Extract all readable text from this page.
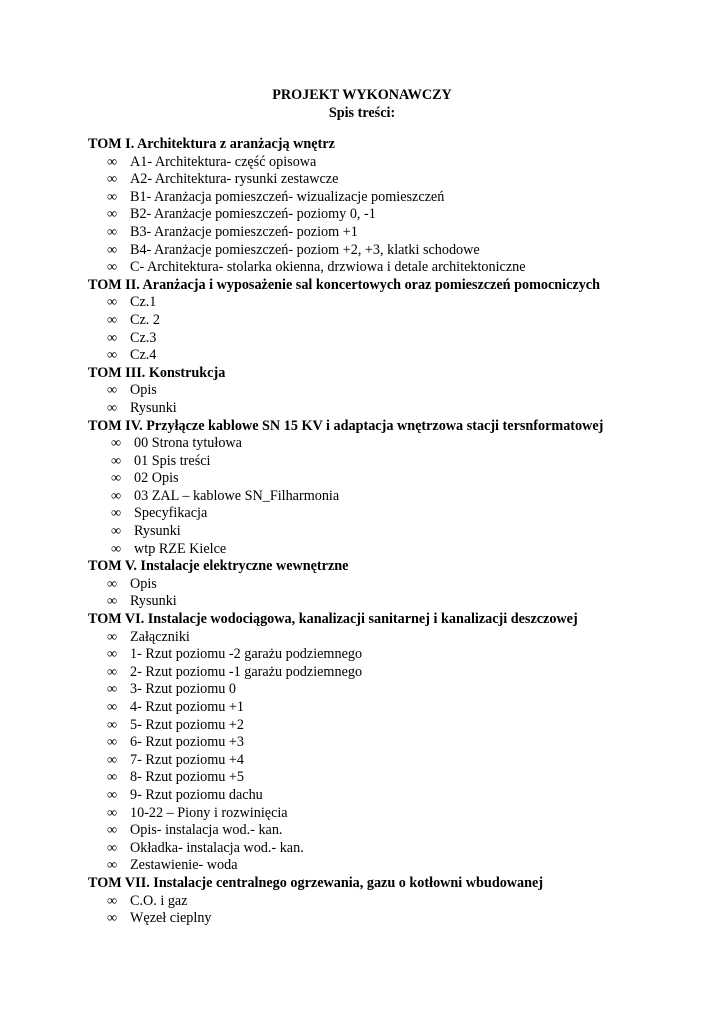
PROJEKT WYKONAWCZY
Spis treści:
TOM I. Architektura z aranżacją wnętrz
∞ A1- Architektura- część opisowa
∞ A2- Architektura- rysunki zestawcze
∞ B1- Aranżacja pomieszczeń- wizualizacje pomieszczeń
∞ B2- Aranżacje pomieszczeń- poziomy 0, -1
∞ B3- Aranżacje pomieszczeń- poziom +1
∞ B4- Aranżacje pomieszczeń- poziom +2, +3, klatki schodowe
∞ C- Architektura- stolarka okienna, drzwiowa i detale architektoniczne
TOM II. Aranżacja i wyposażenie sal koncertowych oraz pomieszczeń pomocniczych
∞ Cz.1
∞ Cz. 2
∞ Cz.3
∞ Cz.4
TOM III. Konstrukcja
∞ Opis
∞ Rysunki
TOM IV. Przyłącze kablowe SN 15 KV i adaptacja wnętrzowa stacji tersnformatowej
∞ 00 Strona tytułowa
∞ 01 Spis treści
∞ 02 Opis
∞ 03 ZAL – kablowe SN_Filharmonia
∞ Specyfikacja
∞ Rysunki
∞ wtp RZE Kielce
TOM V. Instalacje elektryczne wewnętrzne
∞ Opis
∞ Rysunki
TOM VI. Instalacje wodociągowa, kanalizacji sanitarnej i kanalizacji deszczowej
∞ Załączniki
∞ 1- Rzut poziomu -2 garażu podziemnego
∞ 2- Rzut poziomu -1 garażu podziemnego
∞ 3- Rzut poziomu 0
∞ 4- Rzut poziomu +1
∞ 5- Rzut poziomu +2
∞ 6- Rzut poziomu +3
∞ 7- Rzut poziomu +4
∞ 8- Rzut poziomu +5
∞ 9- Rzut poziomu dachu
∞ 10-22 – Piony i rozwinięcia
∞ Opis- instalacja wod.- kan.
∞ Okładka- instalacja wod.- kan.
∞ Zestawienie- woda
TOM VII. Instalacje centralnego ogrzewania, gazu o kotłowni wbudowanej
∞ C.O. i gaz
∞ Węzeł cieplny
